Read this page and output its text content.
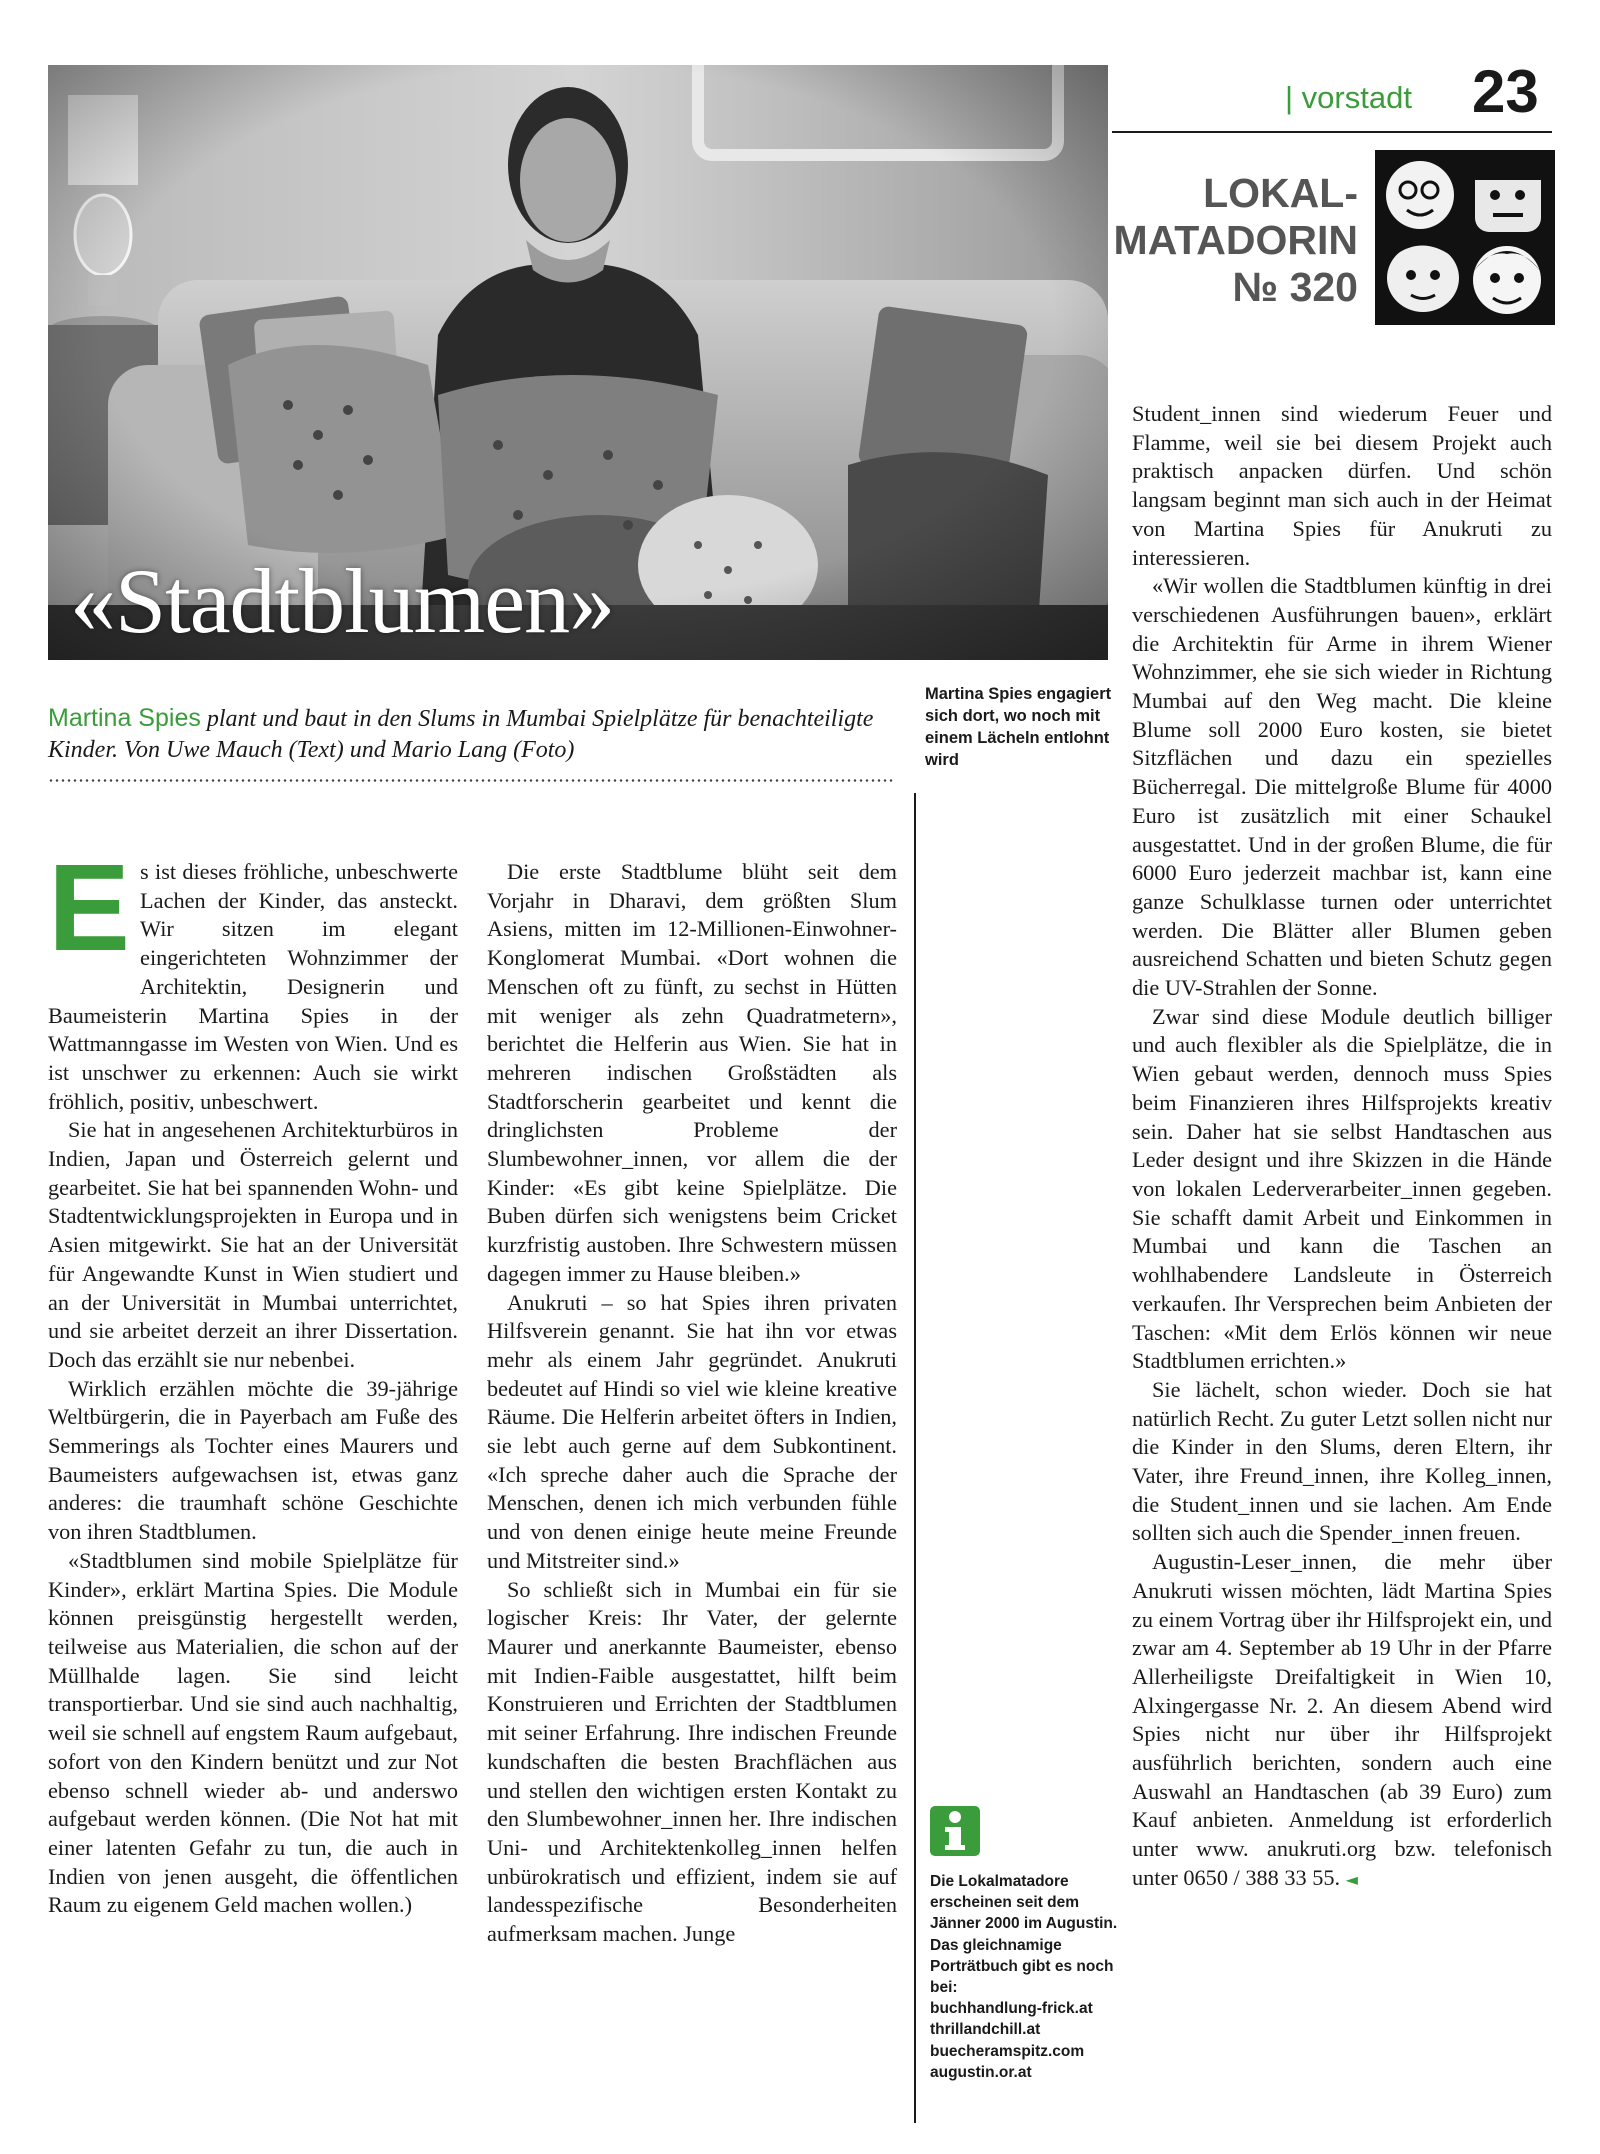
| vorstadt 23
«Stadtblumen»
LOKAL-
MATADORIN
№ 320
Martina Spies plant und baut in den Slums in Mumbai Spielplätze für benachteiligte Kinder. Von Uwe Mauch (Text) und Mario Lang (Foto)
Martina Spies engagiert sich dort, wo noch mit einem Lächeln entlohnt wird
Die Lokalmatadore
erscheinen seit dem Jänner 2000 im Augustin.
Das gleichnamige Porträtbuch gibt es noch bei:
buchhandlung-frick.at
thrillandchill.at
buecheramspitz.com
augustin.or.at
E s ist dieses fröhliche, unbeschwerte Lachen der Kinder, das ansteckt. Wir sitzen im elegant eingerichteten Wohnzimmer der Architektin, Designerin und Baumeisterin Martina Spies in der Wattmanngasse im Westen von Wien. Und es ist unschwer zu erkennen: Auch sie wirkt fröhlich, positiv, unbeschwert.

Sie hat in angesehenen Architekturbüros in Indien, Japan und Österreich gelernt und gearbeitet. Sie hat bei spannenden Wohn- und Stadtentwicklungsprojekten in Europa und in Asien mitgewirkt. Sie hat an der Universität für Angewandte Kunst in Wien studiert und an der Universität in Mumbai unterrichtet, und sie arbeitet derzeit an ihrer Dissertation. Doch das erzählt sie nur nebenbei.

Wirklich erzählen möchte die 39-jährige Weltbürgerin, die in Payerbach am Fuße des Semmerings als Tochter eines Maurers und Baumeisters aufgewachsen ist, etwas ganz anderes: die traumhaft schöne Geschichte von ihren Stadtblumen.

«Stadtblumen sind mobile Spielplätze für Kinder», erklärt Martina Spies. Die Module können preisgünstig hergestellt werden, teilweise aus Materialien, die schon auf der Müllhalde lagen. Sie sind leicht transportierbar. Und sie sind auch nachhaltig, weil sie schnell auf engstem Raum aufgebaut, sofort von den Kindern benützt und zur Not ebenso schnell wieder ab- und anderswo aufgebaut werden können. (Die Not hat mit einer latenten Gefahr zu tun, die auch in Indien von jenen ausgeht, die öffentlichen Raum zu eigenem Geld machen wollen.)

Die erste Stadtblume blüht seit dem Vorjahr in Dharavi, dem größten Slum Asiens, mitten im 12-Millionen-Einwohner-Konglomerat Mumbai. «Dort wohnen die Menschen oft zu fünft, zu sechst in Hütten mit weniger als zehn Quadratmetern», berichtet die Helferin aus Wien. Sie hat in mehreren indischen Großstädten als Stadtforscherin gearbeitet und kennt die dringlichsten Probleme der Slumbewohner_innen, vor allem die der Kinder: «Es gibt keine Spielplätze. Die Buben dürfen sich wenigstens beim Cricket kurzfristig austoben. Ihre Schwestern müssen dagegen immer zu Hause bleiben.»

Anukruti – so hat Spies ihren privaten Hilfsverein genannt. Sie hat ihn vor etwas mehr als einem Jahr gegründet. Anukruti bedeutet auf Hindi so viel wie kleine kreative Räume. Die Helferin arbeitet öfters in Indien, sie lebt auch gerne auf dem Subkontinent. «Ich spreche daher auch die Sprache der Menschen, denen ich mich verbunden fühle und von denen einige heute meine Freunde und Mitstreiter sind.»

So schließt sich in Mumbai ein für sie logischer Kreis: Ihr Vater, der gelernte Maurer und anerkannte Baumeister, ebenso mit Indien-Faible ausgestattet, hilft beim Konstruieren und Errichten der Stadtblumen mit seiner Erfahrung. Ihre indischen Freunde kundschaften die besten Brachflächen aus und stellen den wichtigen ersten Kontakt zu den Slumbewohner_innen her. Ihre indischen Uni- und Architektenkolleg_innen helfen unbürokratisch und effizient, indem sie auf landesspezifische Besonderheiten aufmerksam machen. Junge

Student_innen sind wiederum Feuer und Flamme, weil sie bei diesem Projekt auch praktisch anpacken dürfen. Und schön langsam beginnt man sich auch in der Heimat von Martina Spies für Anukruti zu interessieren.

«Wir wollen die Stadtblumen künftig in drei verschiedenen Ausführungen bauen», erklärt die Architektin für Arme in ihrem Wiener Wohnzimmer, ehe sie sich wieder in Richtung Mumbai auf den Weg macht. Die kleine Blume soll 2000 Euro kosten, sie bietet Sitzflächen und dazu ein spezielles Bücherregal. Die mittelgroße Blume für 4000 Euro ist zusätzlich mit einer Schaukel ausgestattet. Und in der großen Blume, die für 6000 Euro jederzeit machbar ist, kann eine ganze Schulklasse turnen oder unterrichtet werden. Die Blätter aller Blumen geben ausreichend Schatten und bieten Schutz gegen die UV-Strahlen der Sonne.

Zwar sind diese Module deutlich billiger und auch flexibler als die Spielplätze, die in Wien gebaut werden, dennoch muss Spies beim Finanzieren ihres Hilfsprojekts kreativ sein. Daher hat sie selbst Handtaschen aus Leder designt und ihre Skizzen in die Hände von lokalen Lederverarbeiter_innen gegeben. Sie schafft damit Arbeit und Einkommen in Mumbai und kann die Taschen an wohlhabendere Landsleute in Österreich verkaufen. Ihr Versprechen beim Anbieten der Taschen: «Mit dem Erlös können wir neue Stadtblumen errichten.»

Sie lächelt, schon wieder. Doch sie hat natürlich Recht. Zu guter Letzt sollen nicht nur die Kinder in den Slums, deren Eltern, ihr Vater, ihre Freund_innen, ihre Kolleg_innen, die Student_innen und sie lachen. Am Ende sollten sich auch die Spender_innen freuen.

Augustin-Leser_innen, die mehr über Anukruti wissen möchten, lädt Martina Spies zu einem Vortrag über ihr Hilfsprojekt ein, und zwar am 4. September ab 19 Uhr in der Pfarre Allerheiligste Dreifaltigkeit in Wien 10, Alxingergasse Nr. 2. An diesem Abend wird Spies nicht nur über ihr Hilfsprojekt ausführlich berichten, sondern auch eine Auswahl an Handtaschen (ab 39 Euro) zum Kauf anbieten. Anmeldung ist erforderlich unter www. anukruti.org bzw. telefonisch unter 0650 / 388 33 55. ◄
